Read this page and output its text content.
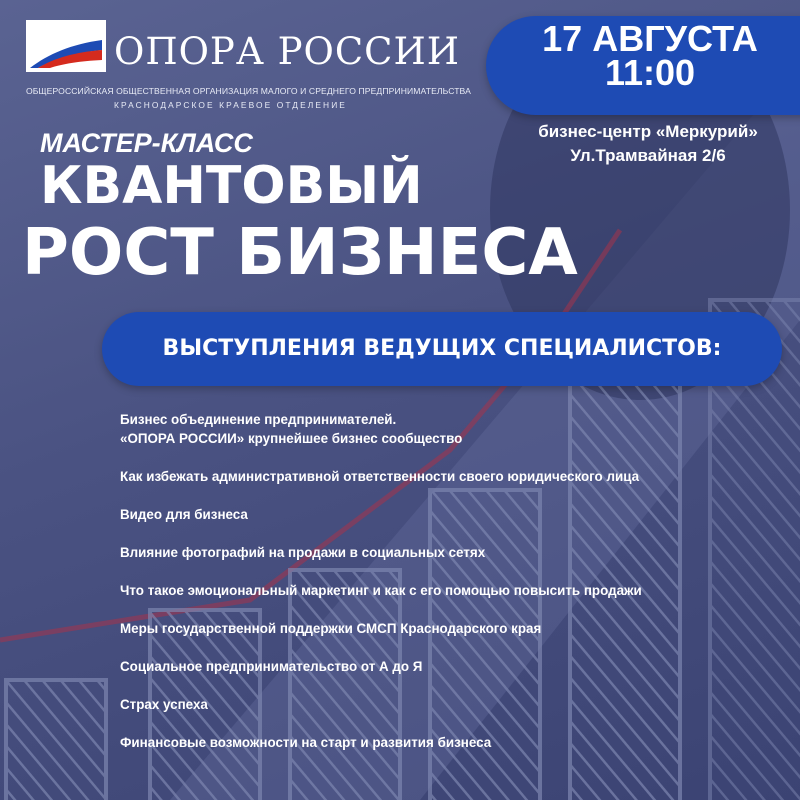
ОПОРА РОССИИ
ОБЩЕРОССИЙСКАЯ ОБЩЕСТВЕННАЯ ОРГАНИЗАЦИЯ МАЛОГО И СРЕДНЕГО ПРЕДПРИНИМАТЕЛЬСТВА
КРАСНОДАРСКОЕ КРАЕВОЕ ОТДЕЛЕНИЕ
17 АВГУСТА
11:00
бизнес-центр «Меркурий»
Ул.Трамвайная 2/6
МАСТЕР-КЛАСС
КВАНТОВЫЙ
РОСТ БИЗНЕСА
ВЫСТУПЛЕНИЯ ВЕДУЩИХ СПЕЦИАЛИСТОВ:
Бизнес объединение предпринимателей.
«ОПОРА РОССИИ» крупнейшее бизнес сообщество
Как избежать административной ответственности своего юридического лица
Видео для бизнеса
Влияние фотографий на продажи в социальных сетях
Что такое эмоциональный маркетинг и как с его помощью повысить продажи
Меры государственной поддержки СМСП Краснодарского края
Социальное предпринимательство от А до Я
Страх успеха
Финансовые возможности на старт и развития бизнеса
